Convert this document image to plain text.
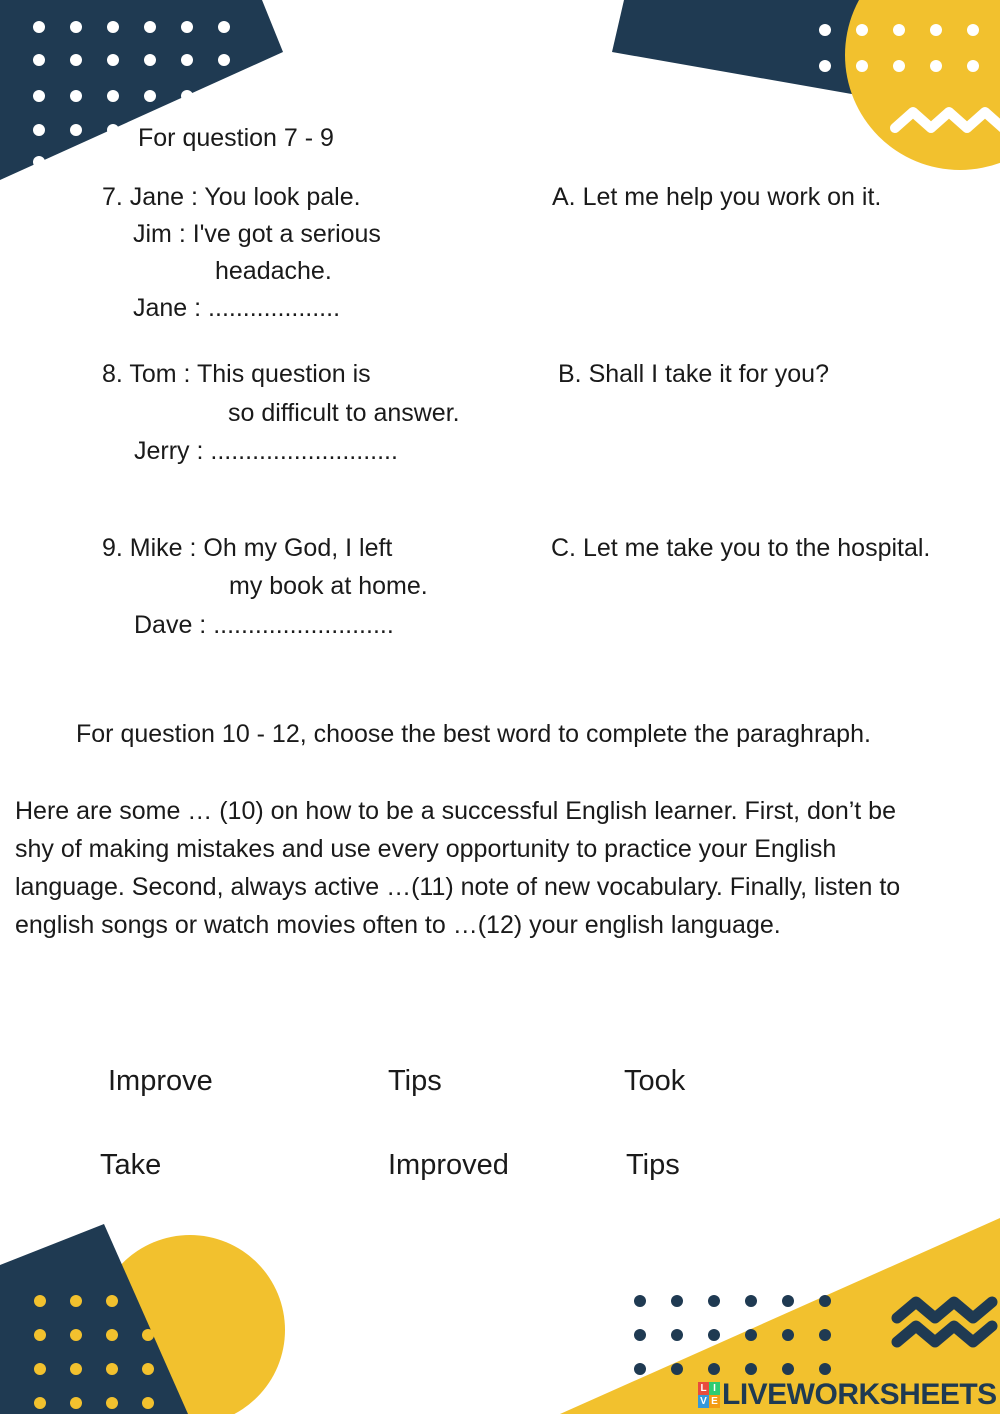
For question 7 - 9
7. Jane : You look pale.
Jim : I've got a serious
headache.
Jane : ...................
A. Let me help you work on it.
8. Tom : This question is
so difficult to answer.
Jerry : ...........................
B. Shall I take it for you?
9. Mike : Oh my God, I left
my book at home.
Dave : ..........................
C. Let me take you to the hospital.
For question 10 - 12, choose the best word to complete the paraghraph.
Here are some … (10) on how to be a successful English learner. First, don’t be
shy of making mistakes and use every opportunity to practice your English
language. Second, always active …(11) note of new vocabulary. Finally, listen to
english songs or watch movies often to …(12) your english language.
Improve	Tips	Took
Take	Improved	Tips
L I
V E LIVEWORKSHEETS
